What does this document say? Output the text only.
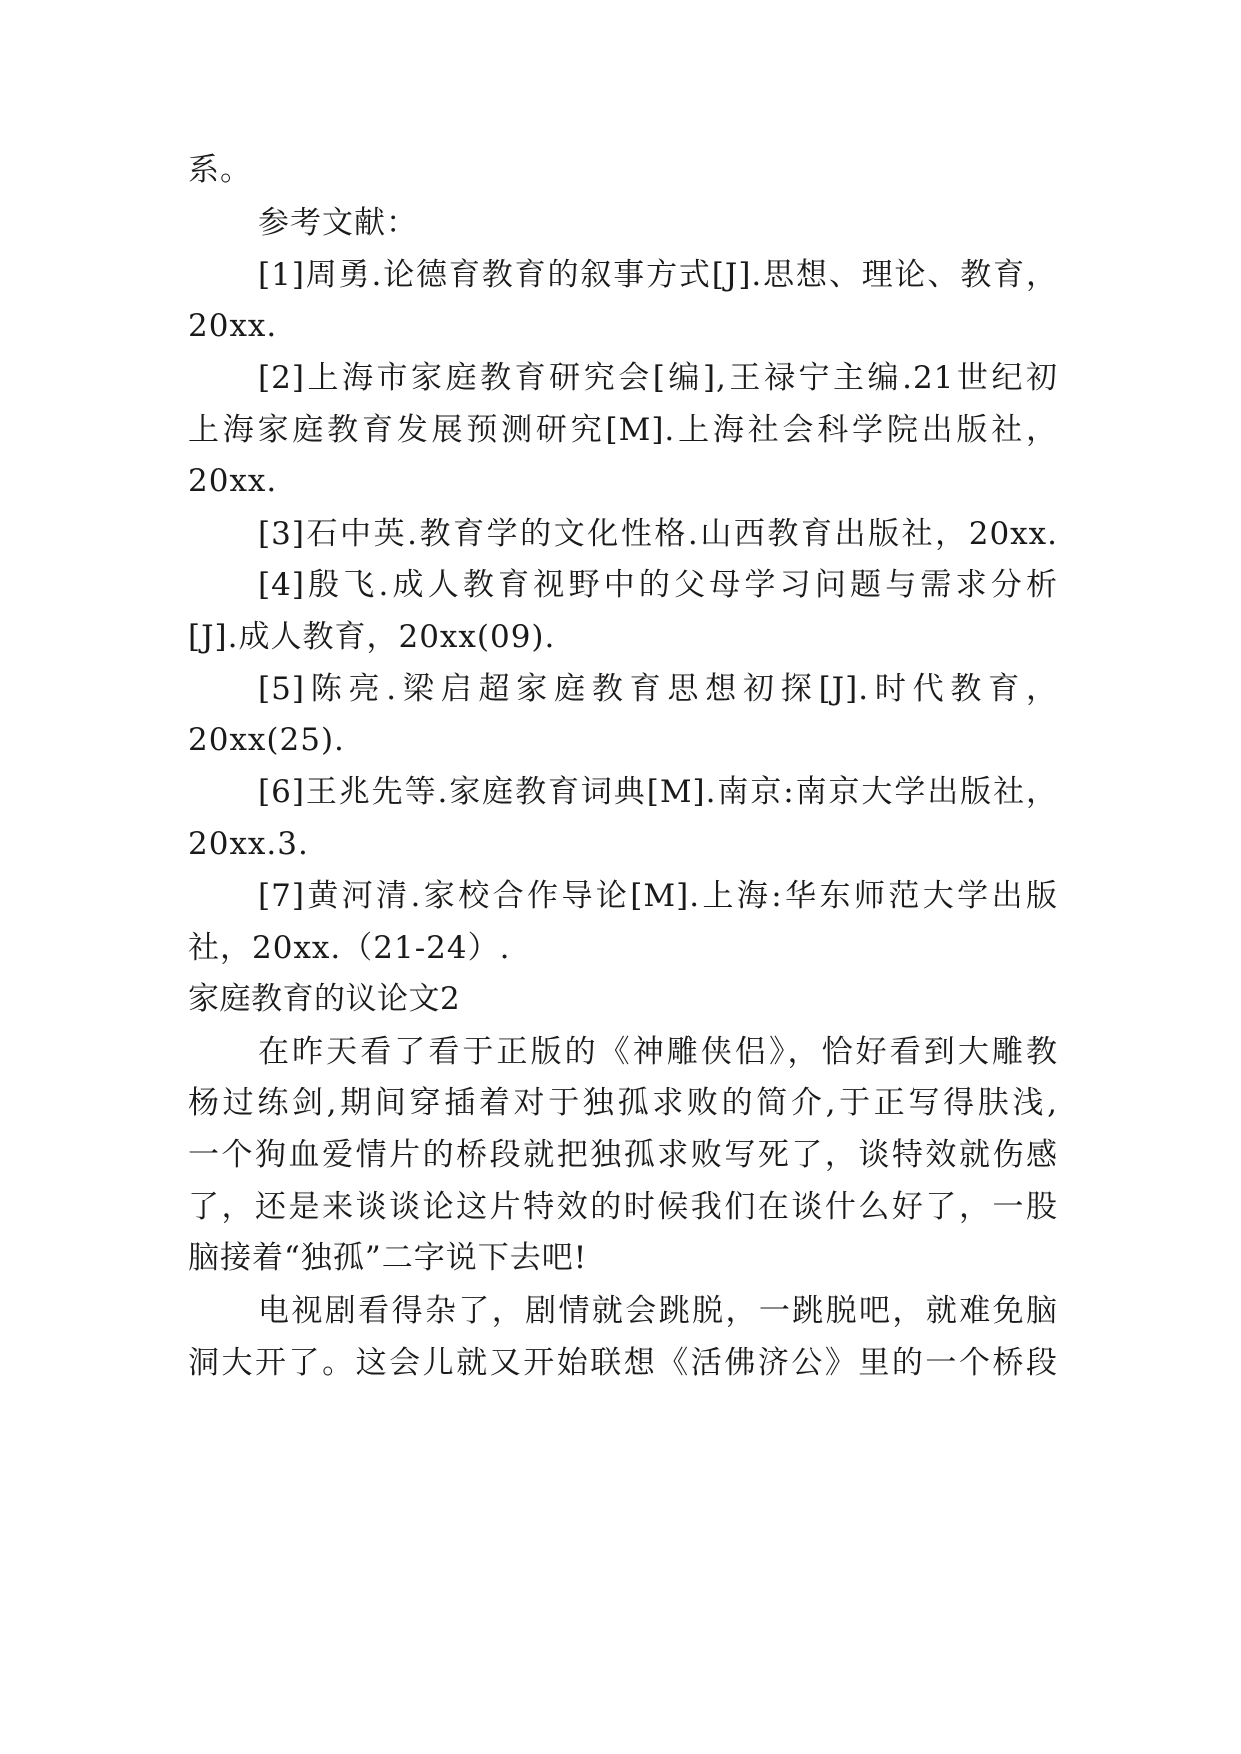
系。
参考文献：
[1]周勇.论德育教育的叙事方式[J].思想、理论、教育，
20xx.
[2]上海市家庭教育研究会[编],王禄宁主编.21世纪初
上海家庭教育发展预测研究[M].上海社会科学院出版社，
20xx.
[3]石中英.教育学的文化性格.山西教育出版社，20xx.
[4]殷飞.成人教育视野中的父母学习问题与需求分析
[J].成人教育，20xx(09).
[5]陈亮.梁启超家庭教育思想初探[J].时代教育，
20xx(25).
[6]王兆先等.家庭教育词典[M].南京:南京大学出版社，
20xx.3.
[7]黄河清.家校合作导论[M].上海:华东师范大学出版
社，20xx.（21-24）.
家庭教育的议论文2
在昨天看了看于正版的《神雕侠侣》，恰好看到大雕教
杨过练剑,期间穿插着对于独孤求败的简介,于正写得肤浅,
一个狗血爱情片的桥段就把独孤求败写死了，谈特效就伤感
了，还是来谈谈论这片特效的时候我们在谈什么好了，一股
脑接着“独孤”二字说下去吧!
电视剧看得杂了，剧情就会跳脱，一跳脱吧，就难免脑
洞大开了。这会儿就又开始联想《活佛济公》里的一个桥段
